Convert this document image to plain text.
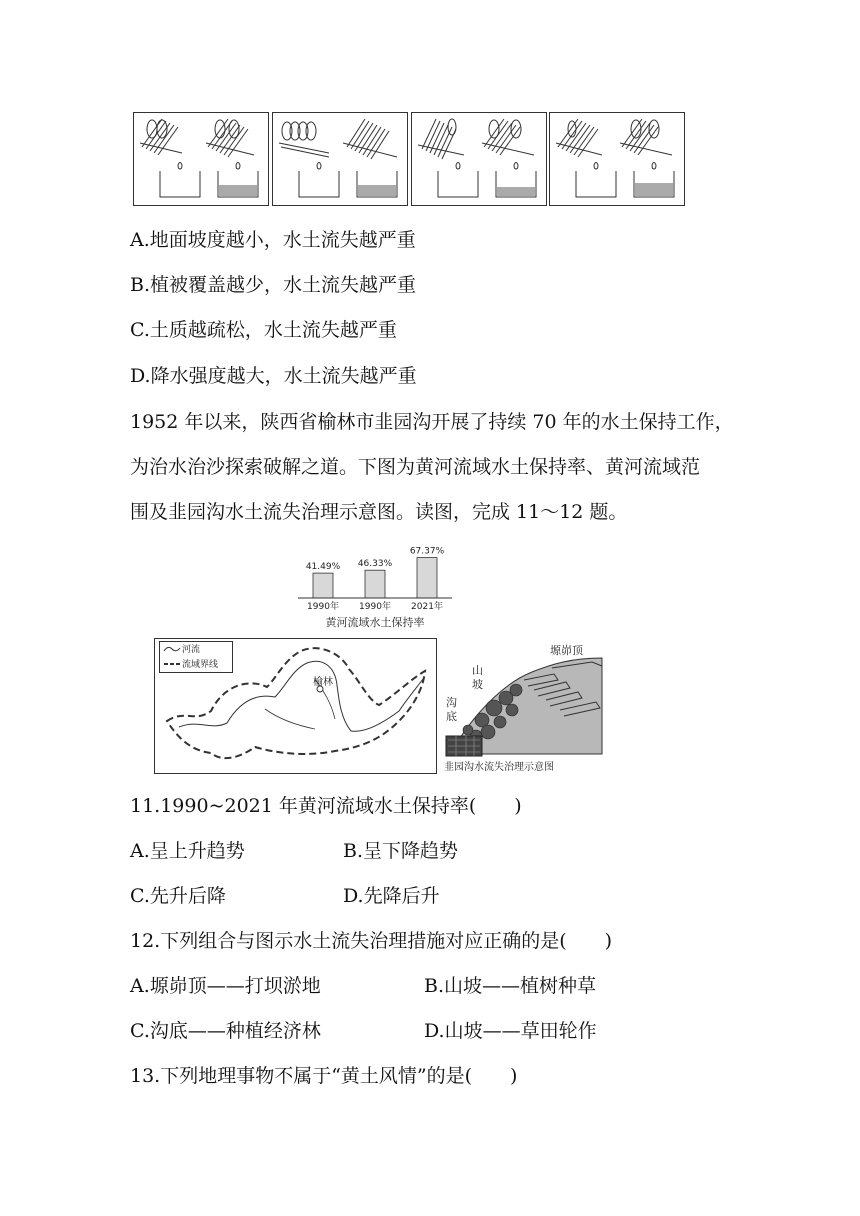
A.地面坡度越小，水土流失越严重
B.植被覆盖越少，水土流失越严重
C.土质越疏松，水土流失越严重
D.降水强度越大，水土流失越严重
1952 年以来，陕西省榆林市韭园沟开展了持续 70 年的水土保持工作，
为治水治沙探索破解之道。下图为黄河流域水土保持率、黄河流域范
围及韭园沟水土流失治理示意图。读图，完成 11～12 题。
41.49%
1990年
46.33%
1990年
67.37%
2021年
黄河流域水土保持率
河流
流域界线
榆林
塬峁顶
山
坡
沟
底
韭园沟水流失治理示意图
11.1990~2021 年黄河流域水土保持率(　　)
A.呈上升趋势	B.呈下降趋势
C.先升后降	D.先降后升
12.下列组合与图示水土流失治理措施对应正确的是(　　)
A.塬峁顶——打坝淤地	B.山坡——植树种草
C.沟底——种植经济林	D.山坡——草田轮作
13.下列地理事物不属于“黄土风情”的是(　　)
